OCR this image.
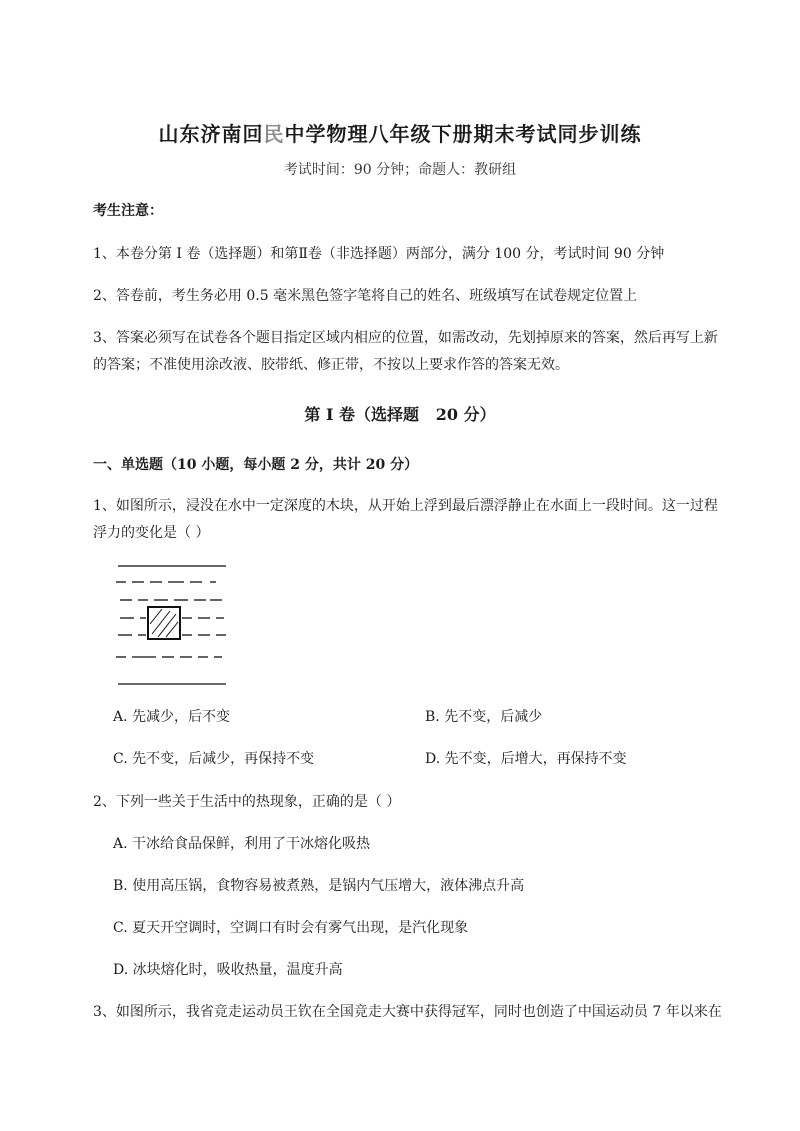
山东济南回民中学物理八年级下册期末考试同步训练
考试时间：90 分钟；命题人：教研组
考生注意：
1、本卷分第 I 卷（选择题）和第Ⅱ卷（非选择题）两部分，满分 100 分，考试时间 90 分钟
2、答卷前，考生务必用 0.5 毫米黑色签字笔将自己的姓名、班级填写在试卷规定位置上
3、答案必须写在试卷各个题目指定区域内相应的位置，如需改动，先划掉原来的答案，然后再写上新
的答案；不准使用涂改液、胶带纸、修正带，不按以上要求作答的答案无效。
第 I 卷（选择题   20 分）
一、单选题（10 小题，每小题 2 分，共计 20 分）
1、如图所示，浸没在水中一定深度的木块，从开始上浮到最后漂浮静止在水面上一段时间。这一过程
浮力的变化是（ ）
A. 先减少，后不变	B. 先不变，后减少
C. 先不变，后减少，再保持不变	D. 先不变，后增大，再保持不变
2、下列一些关于生活中的热现象，正确的是（ ）
A. 干冰给食品保鲜，利用了干冰熔化吸热
B. 使用高压锅，食物容易被煮熟，是锅内气压增大，液体沸点升高
C. 夏天开空调时，空调口有时会有雾气出现，是汽化现象
D. 冰块熔化时，吸收热量，温度升高
3、如图所示，我省竞走运动员王钦在全国竞走大赛中获得冠军，同时也创造了中国运动员 7 年以来在
